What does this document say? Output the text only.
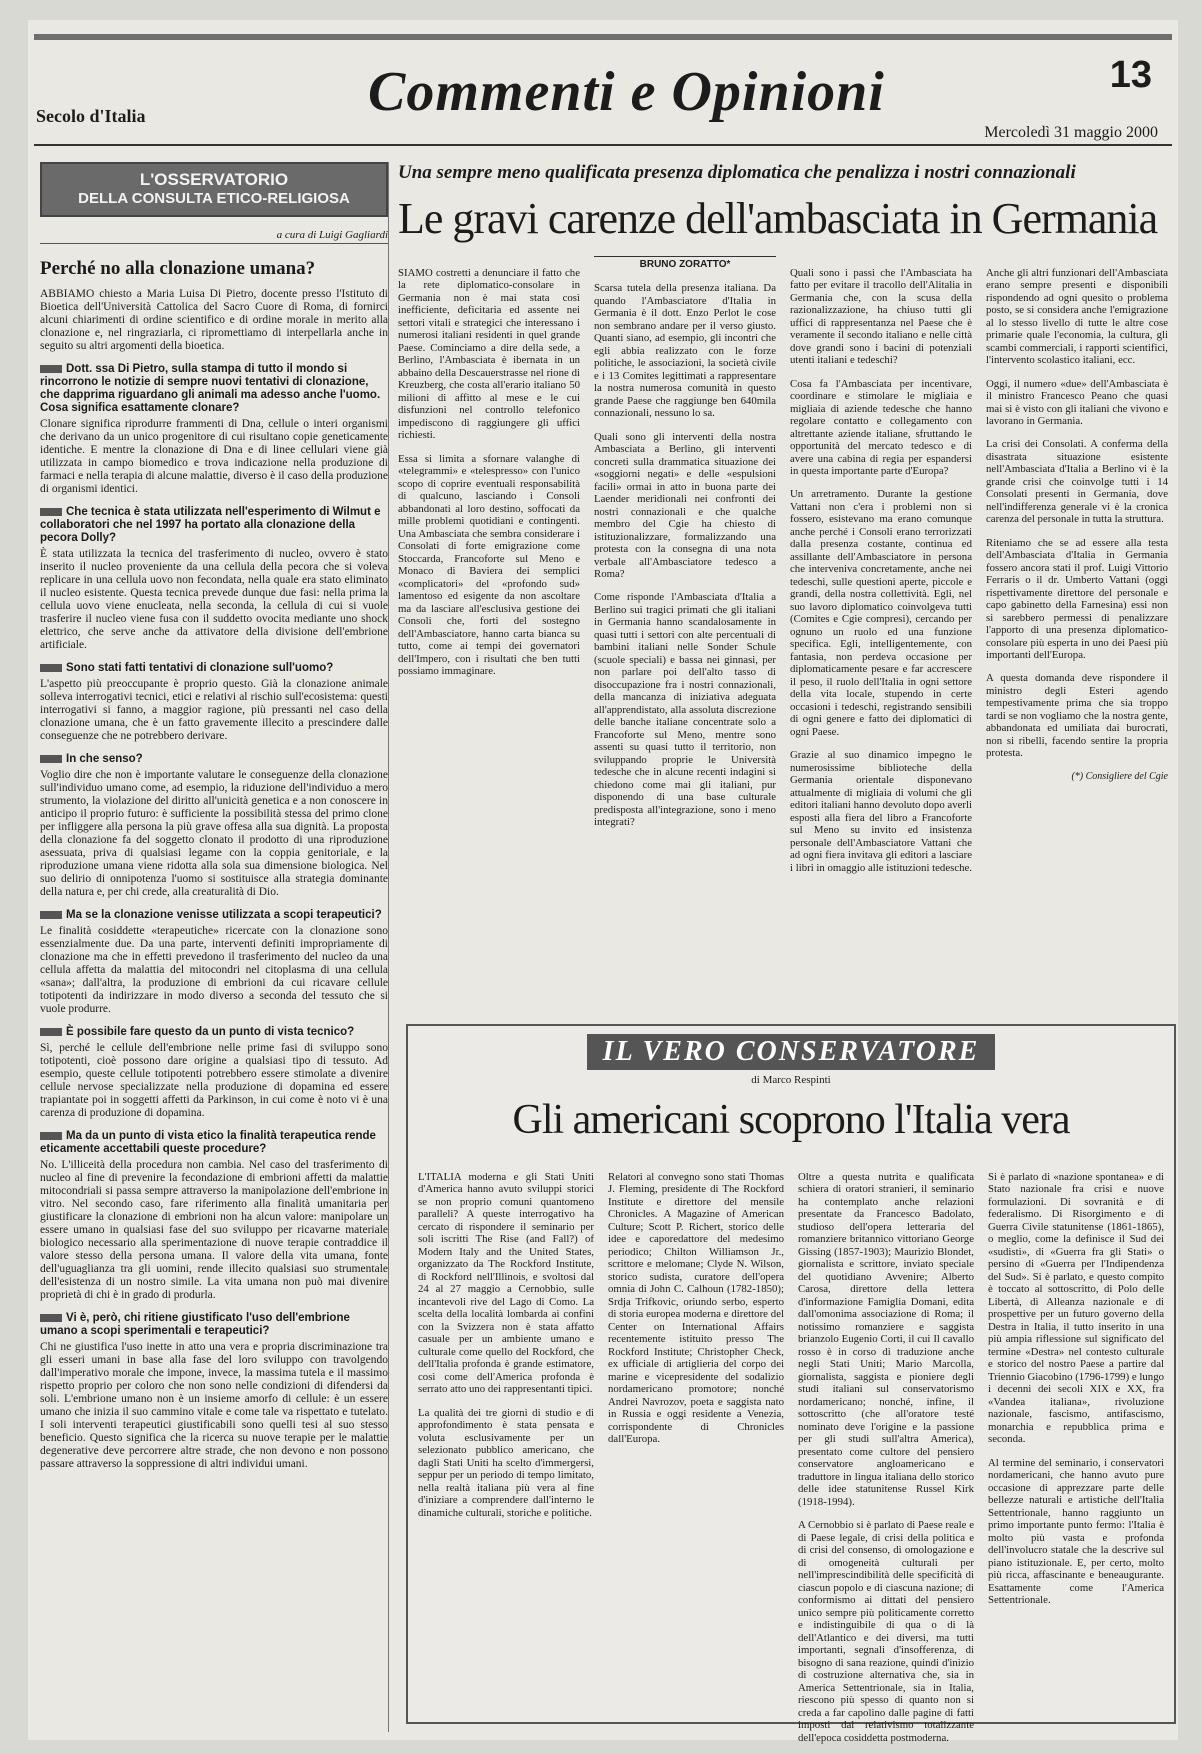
Secolo d'Italia	Commenti e Opinioni	13
Mercoledì 31 maggio 2000
L'OSSERVATORIO
DELLA CONSULTA ETICO-RELIGIOSA
a cura di Luigi Gagliardi
Perché no alla clonazione umana?

ABBIAMO chiesto a Maria Luisa Di Pietro, docente presso l'Istituto di Bioetica dell'Università Cattolica del Sacro Cuore di Roma, di fornirci alcuni chiarimenti di ordine scientifico e di ordine morale in merito alla clonazione e, nel ringraziarla, ci ripromettiamo di interpellarla anche in seguito su altri argomenti della bioetica.

Dott. ssa Di Pietro, sulla stampa di tutto il mondo si rincorrono le notizie di sempre nuovi tentativi di clonazione, che dapprima riguardano gli animali ma adesso anche l'uomo. Cosa significa esattamente clonare?

Clonare significa riprodurre frammenti di Dna, cellule o interi organismi che derivano da un unico progenitore di cui risultano copie geneticamente identiche. E mentre la clonazione di Dna e di linee cellulari viene già utilizzata in campo biomedico e trova indicazione nella produzione di farmaci e nella terapia di alcune malattie, diverso è il caso della produzione di organismi identici.

Che tecnica è stata utilizzata nell'esperimento di Wilmut e collaboratori che nel 1997 ha portato alla clonazione della pecora Dolly?

È stata utilizzata la tecnica del trasferimento di nucleo, ovvero è stato inserito il nucleo proveniente da una cellula della pecora che si voleva replicare in una cellula uovo non fecondata, nella quale era stato eliminato il nucleo esistente. Questa tecnica prevede dunque due fasi: nella prima la cellula uovo viene enucleata, nella seconda, la cellula di cui si vuole trasferire il nucleo viene fusa con il suddetto ovocita mediante uno shock elettrico, che serve anche da attivatore della divisione dell'embrione artificiale.

Sono stati fatti tentativi di clonazione sull'uomo?

L'aspetto più preoccupante è proprio questo. Già la clonazione animale solleva interrogativi tecnici, etici e relativi al rischio sull'ecosistema: questi interrogativi si fanno, a maggior ragione, più pressanti nel caso della clonazione umana, che è un fatto gravemente illecito a prescindere dalle conseguenze che ne potrebbero derivare.

In che senso?

Voglio dire che non è importante valutare le conseguenze della clonazione sull'individuo umano come, ad esempio, la riduzione dell'individuo a mero strumento, la violazione del diritto all'unicità genetica e a non conoscere in anticipo il proprio futuro: è sufficiente la possibilità stessa del primo clone per infliggere alla persona la più grave offesa alla sua dignità. La proposta della clonazione fa del soggetto clonato il prodotto di una riproduzione asessuata, priva di qualsiasi legame con la coppia genitoriale, e la riproduzione umana viene ridotta alla sola sua dimensione biologica. Nel suo delirio di onnipotenza l'uomo si sostituisce alla strategia dominante della natura e, per chi crede, alla creaturalità di Dio.

Ma se la clonazione venisse utilizzata a scopi terapeutici?

Le finalità cosiddette «terapeutiche» ricercate con la clonazione sono essenzialmente due. Da una parte, interventi definiti impropriamente di clonazione ma che in effetti prevedono il trasferimento del nucleo da una cellula affetta da malattia del mitocondri nel citoplasma di una cellula «sana»; dall'altra, la produzione di embrioni da cui ricavare cellule totipotenti da indirizzare in modo diverso a seconda del tessuto che si vuole produrre.

È possibile fare questo da un punto di vista tecnico?

Sì, perché le cellule dell'embrione nelle prime fasi di sviluppo sono totipotenti, cioè possono dare origine a qualsiasi tipo di tessuto. Ad esempio, queste cellule totipotenti potrebbero essere stimolate a divenire cellule nervose specializzate nella produzione di dopamina ed essere trapiantate poi in soggetti affetti da Parkinson, in cui come è noto vi è una carenza di produzione di dopamina.

Ma da un punto di vista etico la finalità terapeutica rende eticamente accettabili queste procedure?

No. L'illiceità della procedura non cambia. Nel caso del trasferimento di nucleo al fine di prevenire la fecondazione di embrioni affetti da malattie mitocondriali si passa sempre attraverso la manipolazione dell'embrione in vitro. Nel secondo caso, fare riferimento alla finalità umanitaria per giustificare la clonazione di embrioni non ha alcun valore: manipolare un essere umano in qualsiasi fase del suo sviluppo per ricavarne materiale biologico necessario alla sperimentazione di nuove terapie contraddice il valore stesso della persona umana. Il valore della vita umana, fonte dell'uguaglianza tra gli uomini, rende illecito qualsiasi suo strumentale dell'esistenza di un nostro simile. La vita umana non può mai divenire proprietà di chi è in grado di produrla.

Vi è, però, chi ritiene giustificato l'uso dell'embrione umano a scopi sperimentali e terapeutici?

Chi ne giustifica l'uso inette in atto una vera e propria discriminazione tra gli esseri umani in base alla fase del loro sviluppo con travolgendo dall'imperativo morale che impone, invece, la massima tutela e il massimo rispetto proprio per coloro che non sono nelle condizioni di difendersi da soli. L'embrione umano non è un insieme amorfo di cellule: è un essere umano che inizia il suo cammino vitale e come tale va rispettato e tutelato. I soli interventi terapeutici giustificabili sono quelli tesi al suo stesso beneficio. Questo significa che la ricerca su nuove terapie per le malattie degenerative deve percorrere altre strade, che non devono e non possono passare attraverso la soppressione di altri individui umani.

Una sempre meno qualificata presenza diplomatica che penalizza i nostri connazionali
Le gravi carenze dell'ambasciata in Germania

SIAMO costretti a denunciare il fatto che la rete diplomatico-consolare in Germania non è mai stata così inefficiente, deficitaria ed assente nei settori vitali e strategici che interessano i numerosi italiani residenti in quel grande Paese. Cominciamo a dire della sede, a Berlino, l'Ambasciata è ibernata in un abbaino della Descauerstrasse nel rione di Kreuzberg, che costa all'erario italiano 50 milioni di affitto al mese e le cui disfunzioni nel controllo telefonico impediscono di raggiungere gli uffici richiesti.

Essa si limita a sfornare valanghe di «telegrammi» e «telespresso» con l'unico scopo di coprire eventuali responsabilità di qualcuno, lasciando i Consoli abbandonati al loro destino, soffocati da mille problemi quotidiani e contingenti. Una Ambasciata che sembra considerare i Consolati di forte emigrazione come Stoccarda, Francoforte sul Meno e Monaco di Baviera dei semplici «complicatori» del «profondo sud» lamentoso ed esigente da non ascoltare ma da lasciare all'esclusiva gestione dei Consoli che, forti del sostegno dell'Ambasciatore, hanno carta bianca su tutto, come ai tempi dei governatori dell'Impero, con i risultati che ben tutti possiamo immaginare.

BRUNO ZORATTO*

Scarsa tutela della presenza italiana. Da quando l'Ambasciatore d'Italia in Germania è il dott. Enzo Perlot le cose non sembrano andare per il verso giusto. Quanti siano, ad esempio, gli incontri che egli abbia realizzato con le forze politiche, le associazioni, la società civile e i 13 Comites legittimati a rappresentare la nostra numerosa comunità in questo grande Paese che raggiunge ben 640mila connazionali, nessuno lo sa.

Quali sono gli interventi della nostra Ambasciata a Berlino, gli interventi concreti sulla drammatica situazione dei «soggiorni negati» e delle «espulsioni facili» ormai in atto in buona parte dei Laender meridionali nei confronti dei nostri connazionali e che qualche membro del Cgie ha chiesto di istituzionalizzare, formalizzando una protesta con la consegna di una nota verbale all'Ambasciatore tedesco a Roma?

Come risponde l'Ambasciata d'Italia a Berlino sui tragici primati che gli italiani in Germania hanno scandalosamente in quasi tutti i settori con alte percentuali di bambini italiani nelle Sonder Schule (scuole speciali) e bassa nei ginnasi, per non parlare poi dell'alto tasso di disoccupazione fra i nostri connazionali, della mancanza di iniziativa adeguata all'apprendistato, alla assoluta discrezione delle banche italiane concentrate solo a Francoforte sul Meno, mentre sono assenti su quasi tutto il territorio, non sviluppando proprie le Università tedesche che in alcune recenti indagini si chiedono come mai gli italiani, pur disponendo di una base culturale predisposta all'integrazione, sono i meno integrati?

Quali sono i passi che l'Ambasciata ha fatto per evitare il tracollo dell'Alitalia in Germania che, con la scusa della razionalizzazione, ha chiuso tutti gli uffici di rappresentanza nel Paese che è veramente il secondo italiano e nelle città dove grandi sono i bacini di potenziali utenti italiani e tedeschi?

Cosa fa l'Ambasciata per incentivare, coordinare e stimolare le migliaia e migliaia di aziende tedesche che hanno regolare contatto e collegamento con altrettante aziende italiane, sfruttando le opportunità del mercato tedesco e di avere una cabina di regia per espandersi in questa importante parte d'Europa?

Un arretramento. Durante la gestione Vattani non c'era i problemi non si fossero, esistevano ma erano comunque anche perché i Consoli erano terrorizzati dalla presenza costante, continua ed assillante dell'Ambasciatore in persona che interveniva concretamente, anche nei tedeschi, sulle questioni aperte, piccole e grandi, della nostra collettività. Egli, nel suo lavoro diplomatico coinvolgeva tutti (Comites e Cgie compresi), cercando per ognuno un ruolo ed una funzione specifica. Egli, intelligentemente, con fantasia, non perdeva occasione per diplomaticamente pesare e far accrescere il peso, il ruolo dell'Italia in ogni settore della vita locale, stupendo in certe occasioni i tedeschi, registrando sensibili di ogni genere e fatto dei diplomatici di ogni Paese.

Grazie al suo dinamico impegno le numerosissime biblioteche della Germania orientale disponevano attualmente di migliaia di volumi che gli editori italiani hanno devoluto dopo averli esposti alla fiera del libro a Francoforte sul Meno su invito ed insistenza personale dell'Ambasciatore Vattani che ad ogni fiera invitava gli editori a lasciare i libri in omaggio alle istituzioni tedesche.

Anche gli altri funzionari dell'Ambasciata erano sempre presenti e disponibili rispondendo ad ogni quesito o problema posto, se si considera anche l'emigrazione al lo stesso livello di tutte le altre cose primarie quale l'economia, la cultura, gli scambi commerciali, i rapporti scientifici, l'intervento scolastico italiani, ecc.

Oggi, il numero «due» dell'Ambasciata è il ministro Francesco Peano che quasi mai si è visto con gli italiani che vivono e lavorano in Germania.

La crisi dei Consolati. A conferma della disastrata situazione esistente nell'Ambasciata d'Italia a Berlino vi è la grande crisi che coinvolge tutti i 14 Consolati presenti in Germania, dove nell'indifferenza generale vi è la cronica carenza del personale in tutta la struttura.

Riteniamo che se ad essere alla testa dell'Ambasciata d'Italia in Germania fossero ancora stati il prof. Luigi Vittorio Ferraris o il dr. Umberto Vattani (oggi rispettivamente direttore del personale e capo gabinetto della Farnesina) essi non si sarebbero permessi di penalizzare l'apporto di una presenza diplomatico-consolare più esperta in uno dei Paesi più importanti dell'Europa.

A questa domanda deve rispondere il ministro degli Esteri agendo tempestivamente prima che sia troppo tardi se non vogliamo che la nostra gente, abbandonata ed umiliata dai burocrati, non si ribelli, facendo sentire la propria protesta.

(*) Consigliere del Cgie
IL VERO CONSERVATORE
di Marco Respinti
Gli americani scoprono l'Italia vera

L'ITALIA moderna e gli Stati Uniti d'America hanno avuto sviluppi storici se non proprio comuni quantomeno paralleli? A queste interrogativo ha cercato di rispondere il seminario per soli iscritti The Rise (and Fall?) of Modern Italy and the United States, organizzato da The Rockford Institute, di Rockford nell'Illinois, e svoltosi dal 24 al 27 maggio a Cernobbio, sulle incantevoli rive del Lago di Como. La scelta della località lombarda ai confini con la Svizzera non è stata affatto casuale per un ambiente umano e culturale come quello del Rockford, che dell'Italia profonda è grande estimatore, così come dell'America profonda è serrato atto uno dei rappresentanti tipici.

La qualità dei tre giorni di studio e di approfondimento è stata pensata e voluta esclusivamente per un selezionato pubblico americano, che dagli Stati Uniti ha scelto d'immergersi, seppur per un periodo di tempo limitato, nella realtà italiana più vera al fine d'iniziare a comprendere dall'interno le dinamiche culturali, storiche e politiche.

Relatori al convegno sono stati Thomas J. Fleming, presidente di The Rockford Institute e direttore del mensile Chronicles. A Magazine of American Culture; Scott P. Richert, storico delle idee e caporedattore del medesimo periodico; Chilton Williamson Jr., scrittore e melomane; Clyde N. Wilson, storico sudista, curatore dell'opera omnia di John C. Calhoun (1782-1850); Srdja Trifkovic, oriundo serbo, esperto di storia europea moderna e direttore del Center on International Affairs recentemente istituito presso The Rockford Institute; Christopher Check, ex ufficiale di artiglieria del corpo dei marine e vicepresidente del sodalizio nordamericano promotore; nonché Andrei Navrozov, poeta e saggista nato in Russia e oggi residente a Venezia, corrispondente di Chronicles dall'Europa.

Oltre a questa nutrita e qualificata schiera di oratori stranieri, il seminario ha contemplato anche relazioni presentate da Francesco Badolato, studioso dell'opera letteraria del romanziere britannico vittoriano George Gissing (1857-1903); Maurizio Blondet, giornalista e scrittore, inviato speciale del quotidiano Avvenire; Alberto Carosa, direttore della lettera d'informazione Famiglia Domani, edita dall'omonima associazione di Roma; il notissimo romanziere e saggista brianzolo Eugenio Corti, il cui Il cavallo rosso è in corso di traduzione anche negli Stati Uniti; Mario Marcolla, giornalista, saggista e pioniere degli studi italiani sul conservatorismo nordamericano; nonché, infine, il sottoscritto (che all'oratore testé nominato deve l'origine e la passione per gli studi sull'altra America), presentato come cultore del pensiero conservatore angloamericano e traduttore in lingua italiana dello storico delle idee statunitense Russel Kirk (1918-1994).

A Cernobbio si è parlato di Paese reale e di Paese legale, di crisi della politica e di crisi del consenso, di omologazione e di omogeneità culturali per nell'imprescindibilità delle specificità di ciascun popolo e di ciascuna nazione; di conformismo ai dittati del pensiero unico sempre più politicamente corretto e indistinguibile di qua o di là dell'Atlantico e dei diversi, ma tutti importanti, segnali d'insofferenza, di bisogno di sana reazione, quindi d'inizio di costruzione alternativa che, sia in America Settentrionale, sia in Italia, riescono più spesso di quanto non si creda a far capolino dalle pagine di fatti imposti dal relativismo totalizzante dell'epoca cosiddetta postmoderna.

Si è parlato di «nazione spontanea» e di Stato nazionale fra crisi e nuove formulazioni. Di sovranità e di federalismo. Di Risorgimento e di Guerra Civile statunitense (1861-1865), o meglio, come la definisce il Sud dei «sudisti», di «Guerra fra gli Stati» o persino di «Guerra per l'Indipendenza del Sud». Si è parlato, e questo compito è toccato al sottoscritto, di Polo delle Libertà, di Alleanza nazionale e di prospettive per un futuro governo della Destra in Italia, il tutto inserito in una più ampia riflessione sul significato del termine «Destra» nel contesto culturale e storico del nostro Paese a partire dal Triennio Giacobino (1796-1799) e lungo i decenni dei secoli XIX e XX, fra «Vandea italiana», rivoluzione nazionale, fascismo, antifascismo, monarchia e repubblica prima e seconda.

Al termine del seminario, i conservatori nordamericani, che hanno avuto pure occasione di apprezzare parte delle bellezze naturali e artistiche dell'Italia Settentrionale, hanno raggiunto un primo importante punto fermo: l'Italia è molto più vasta e profonda dell'involucro statale che la descrive sul piano istituzionale. E, per certo, molto più ricca, affascinante e beneaugurante. Esattamente come l'America Settentrionale.
